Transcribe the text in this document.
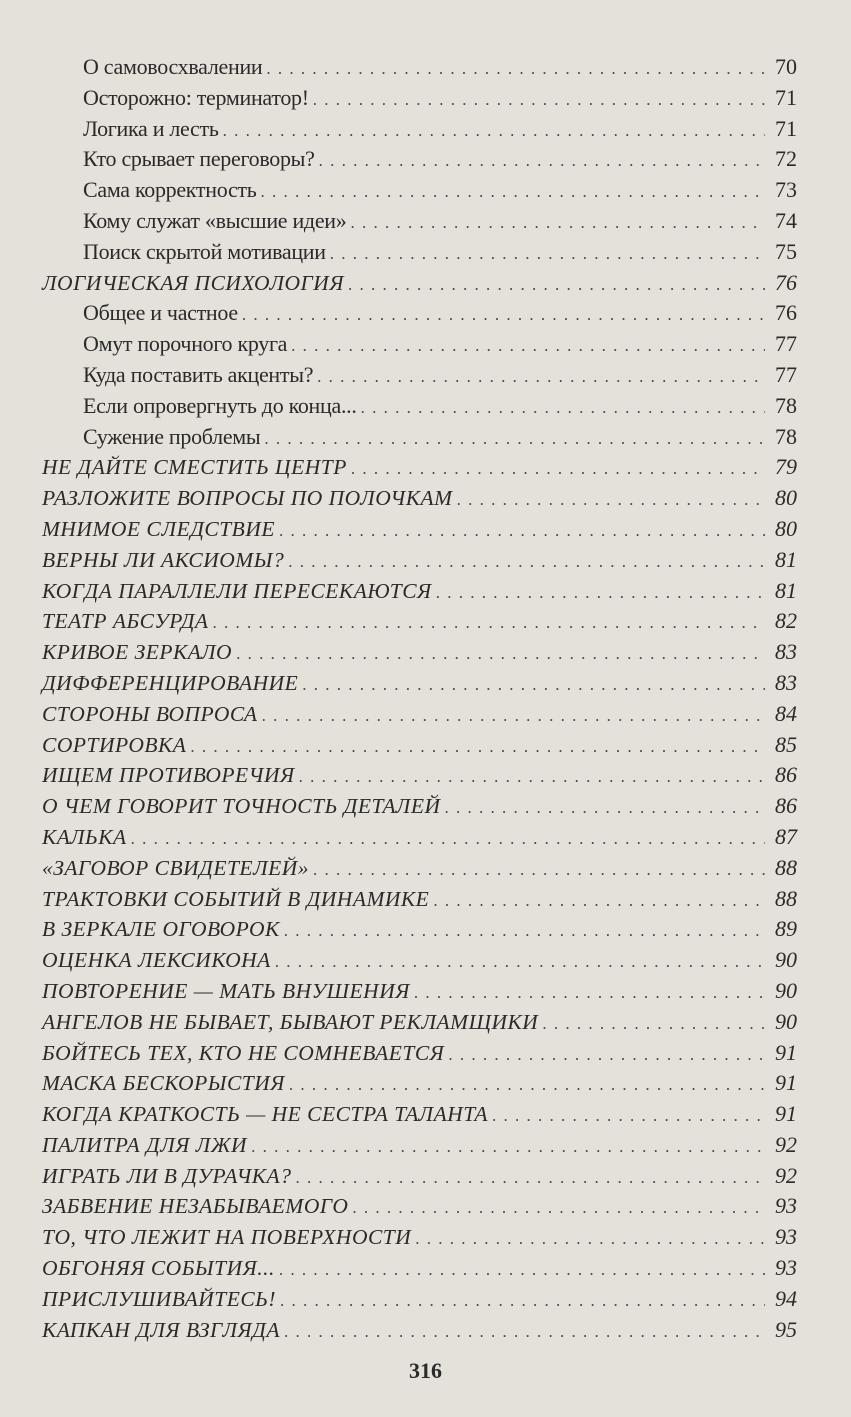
О самовосхвалении . . .	70
Осторожно: терминатор! . . .	71
Логика и лесть . . .	71
Кто срывает переговоры? . . .	72
Сама корректность . . .	73
Кому служат «высшие идеи» . . .	74
Поиск скрытой мотивации . . .	75
ЛОГИЧЕСКАЯ ПСИХОЛОГИЯ . . .	76
Общее и частное . . .	76
Омут порочного круга . . .	77
Куда поставить акценты? . . .	77
Если опровергнуть до конца... . . .	78
Сужение проблемы . . .	78
НЕ ДАЙТЕ СМЕСТИТЬ ЦЕНТР . . .	79
РАЗЛОЖИТЕ ВОПРОСЫ ПО ПОЛОЧКАМ . . .	80
МНИМОЕ СЛЕДСТВИЕ . . .	80
ВЕРНЫ ЛИ АКСИОМЫ? . . .	81
КОГДА ПАРАЛЛЕЛИ ПЕРЕСЕКАЮТСЯ . . .	81
ТЕАТР АБСУРДА . . .	82
КРИВОЕ ЗЕРКАЛО . . .	83
ДИФФЕРЕНЦИРОВАНИЕ . . .	83
СТОРОНЫ ВОПРОСА . . .	84
СОРТИРОВКА . . .	85
ИЩЕМ ПРОТИВОРЕЧИЯ . . .	86
О ЧЕМ ГОВОРИТ ТОЧНОСТЬ ДЕТАЛЕЙ . . .	86
КАЛЬКА . . .	87
«ЗАГОВОР СВИДЕТЕЛЕЙ» . . .	88
ТРАКТОВКИ СОБЫТИЙ В ДИНАМИКЕ . . .	88
В ЗЕРКАЛЕ ОГОВОРОК . . .	89
ОЦЕНКА ЛЕКСИКОНА . . .	90
ПОВТОРЕНИЕ — МАТЬ ВНУШЕНИЯ . . .	90
АНГЕЛОВ НЕ БЫВАЕТ, БЫВАЮТ РЕКЛАМЩИКИ . . .	90
БОЙТЕСЬ ТЕХ, КТО НЕ СОМНЕВАЕТСЯ . . .	91
МАСКА БЕСКОРЫСТИЯ . . .	91
КОГДА КРАТКОСТЬ — НЕ СЕСТРА ТАЛАНТА . . .	91
ПАЛИТРА ДЛЯ ЛЖИ . . .	92
ИГРАТЬ ЛИ В ДУРАЧКА? . . .	92
ЗАБВЕНИЕ НЕЗАБЫВАЕМОГО . . .	93
ТО, ЧТО ЛЕЖИТ НА ПОВЕРХНОСТИ . . .	93
ОБГОНЯЯ СОБЫТИЯ... . . .	93
ПРИСЛУШИВАЙТЕСЬ! . . .	94
КАПКАН ДЛЯ ВЗГЛЯДА . . .	95
316
